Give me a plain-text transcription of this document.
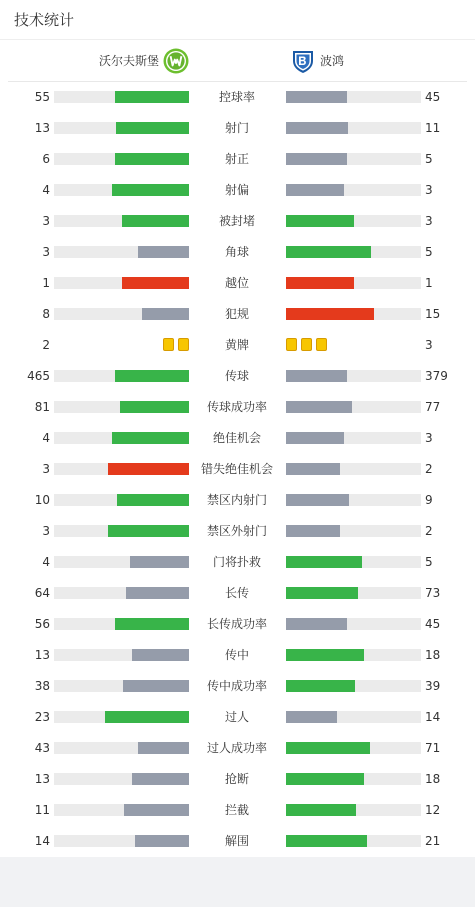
技术统计
沃尔夫斯堡	波鸿
55	控球率	45
13	射门	11
6	射正	5
4	射偏	3
3	被封堵	3
3	角球	5
1	越位	1
8	犯规	15
2	黄牌	3
465	传球	379
81	传球成功率	77
4	绝佳机会	3
3	错失绝佳机会	2
10	禁区内射门	9
3	禁区外射门	2
4	门将扑救	5
64	长传	73
56	长传成功率	45
13	传中	18
38	传中成功率	39
23	过人	14
43	过人成功率	71
13	抢断	18
11	拦截	12
14	解围	21
